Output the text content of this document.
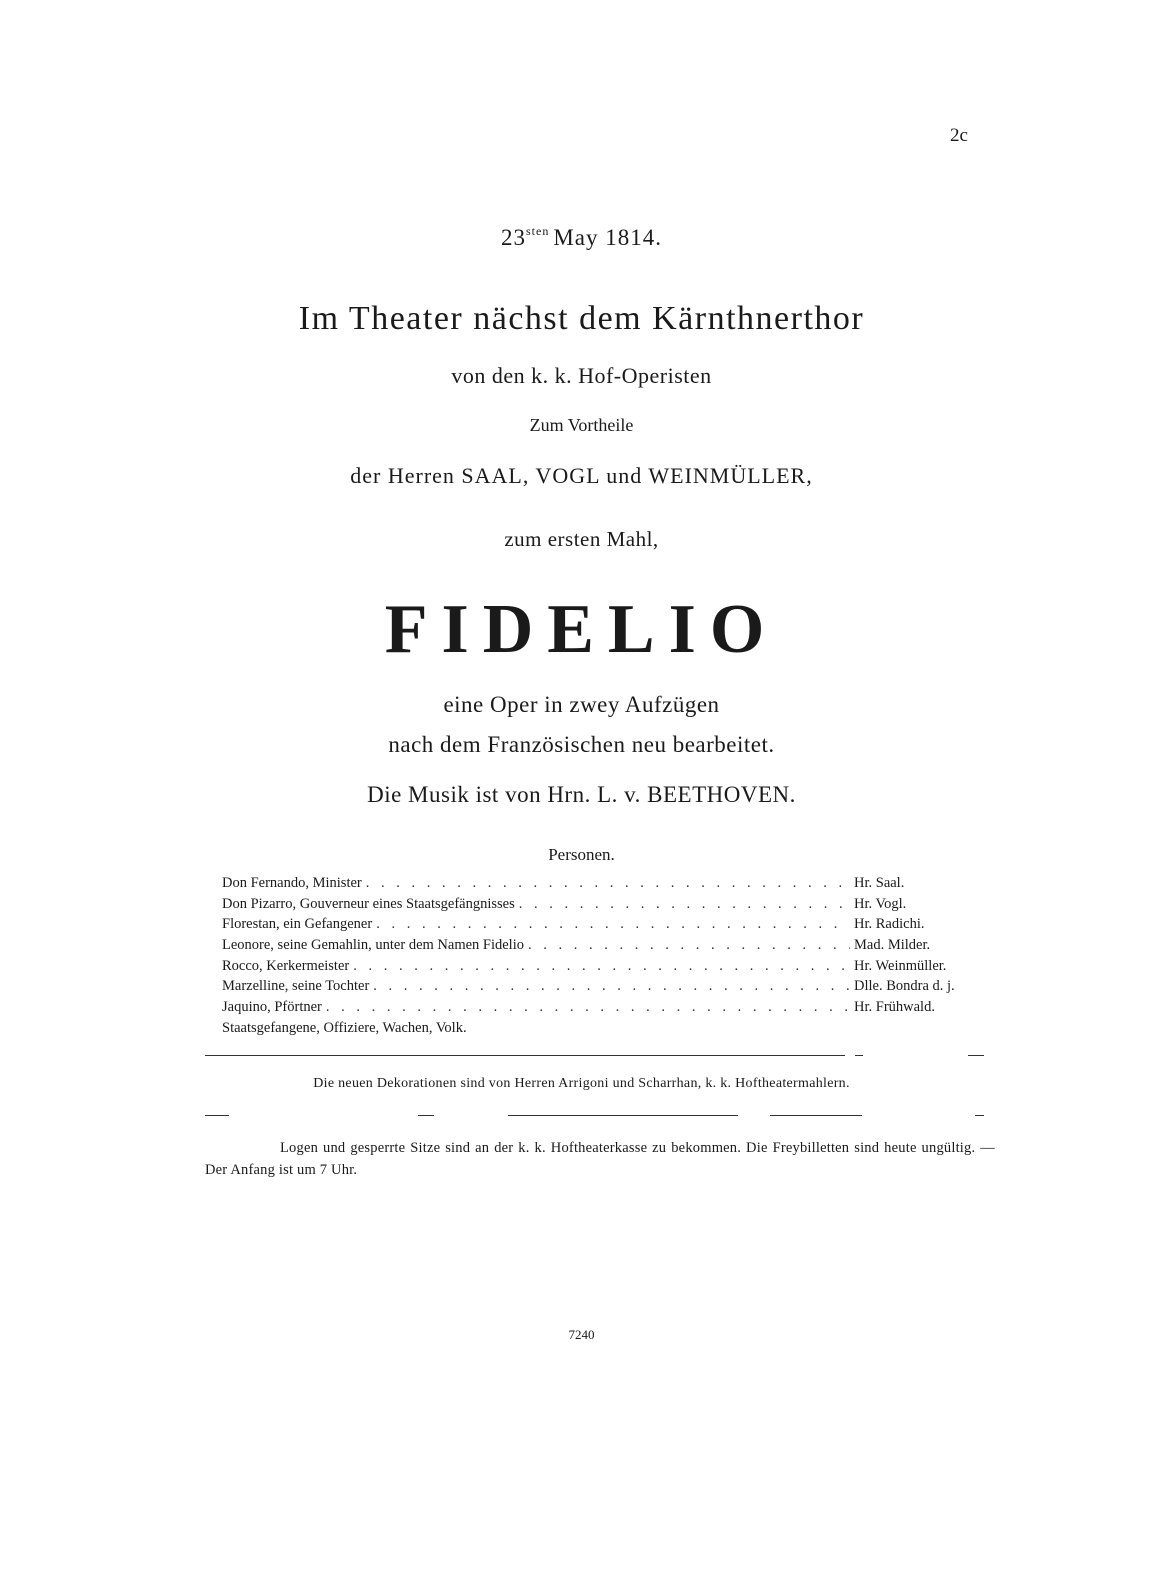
2c
$23^{sten}$ May 1814.
Im Theater nächst dem Kärnthnerthor
von den k. k. Hof-Operisten
Zum Vortheile
der Herren SAAL, VOGL und WEINMÜLLER,
zum ersten Mahl,
FIDELIO
eine Oper in zwey Aufzügen
nach dem Französischen neu bearbeitet.
Die Musik ist von Hrn. L. v. BEETHOVEN.
Personen.
Don Fernando, Minister . . .	Hr. Saal.
Don Pizarro, Gouverneur eines Staatsgefängnisses . . .	Hr. Vogl.
Florestan, ein Gefangener . . .	Hr. Radichi.
Leonore, seine Gemahlin, unter dem Namen Fidelio . . .	Mad. Milder.
Rocco, Kerkermeister . . .	Hr. Weinmüller.
Marzelline, seine Tochter . . .	Dlle. Bondra d. j.
Jaquino, Pförtner . . .	Hr. Frühwald.
Staatsgefangene, Offiziere, Wachen, Volk.
Die neuen Dekorationen sind von Herren Arrigoni und Scharrhan, k. k. Hoftheatermahlern.
Logen und gesperrte Sitze sind an der k. k. Hoftheaterkasse zu bekommen. Die Freybilletten sind heute ungültig. — Der Anfang ist um 7 Uhr.
7240
